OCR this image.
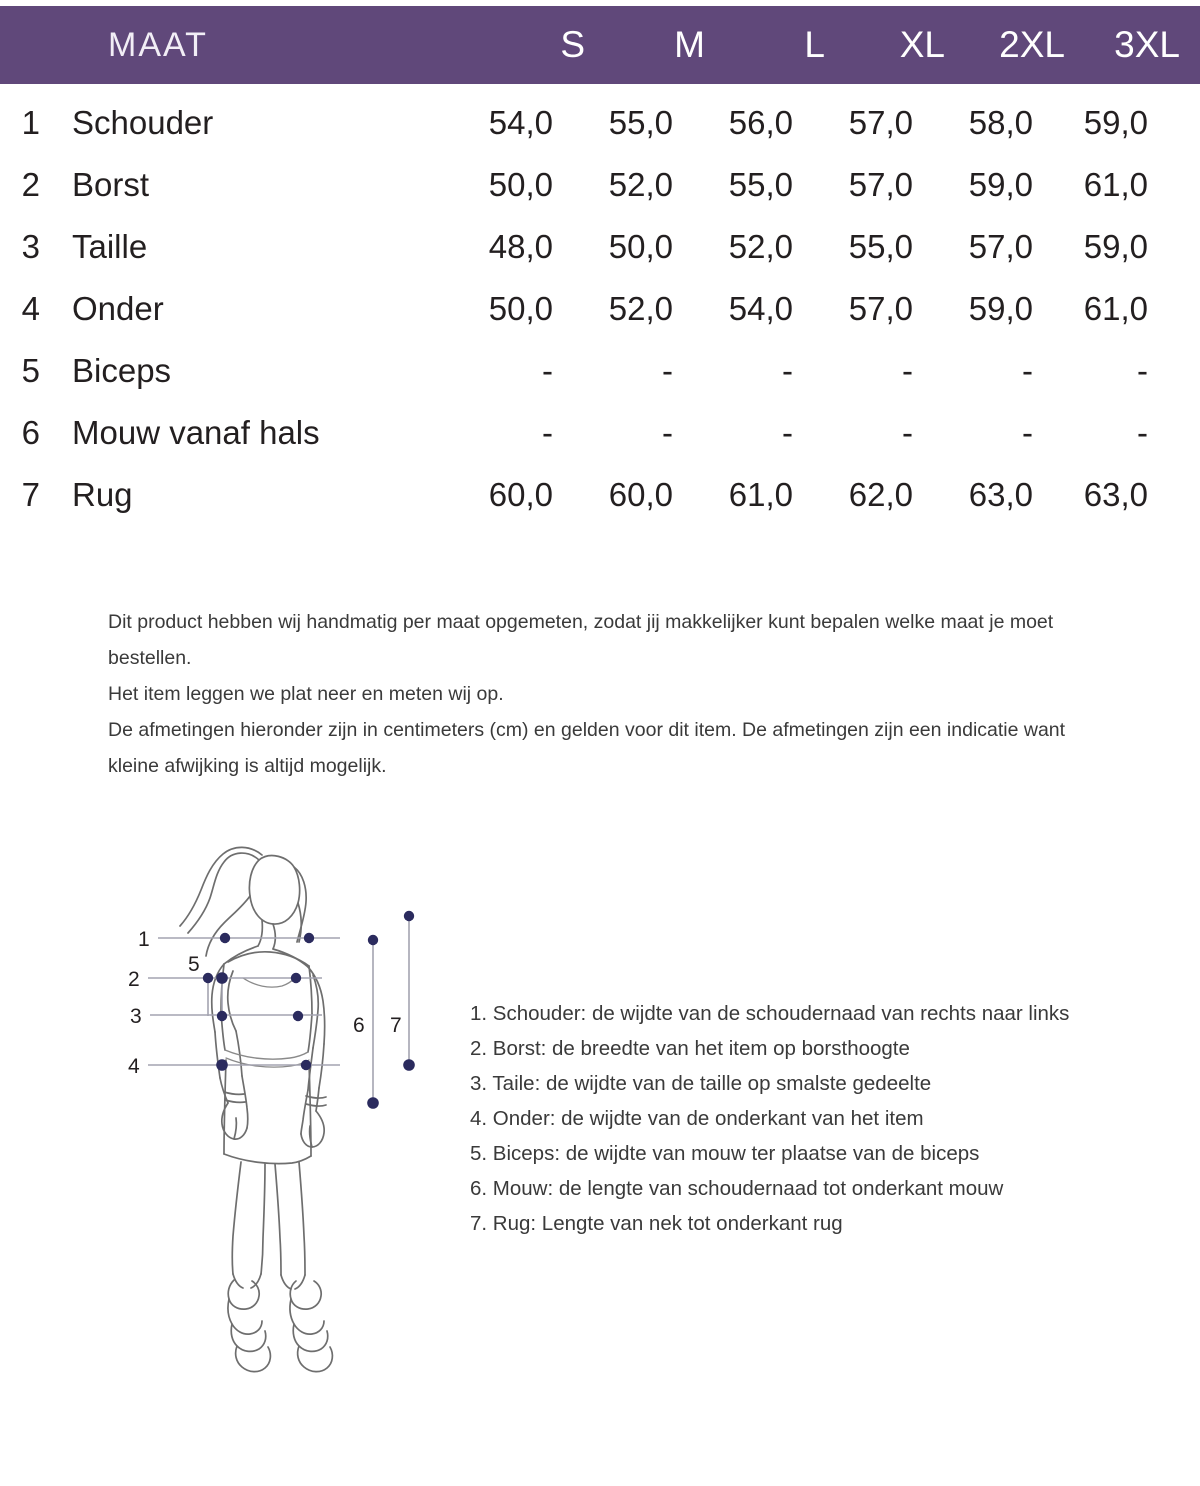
MAAT	S	M	L	XL	2XL	3XL
1 Schouder	54,0	55,0	56,0	57,0	58,0	59,0
2 Borst	50,0	52,0	55,0	57,0	59,0	61,0
3 Taille	48,0	50,0	52,0	55,0	57,0	59,0
4 Onder	50,0	52,0	54,0	57,0	59,0	61,0
5 Biceps	-	-	-	-	-	-
6 Mouw vanaf hals	-	-	-	-	-	-
7 Rug	60,0	60,0	61,0	62,0	63,0	63,0

Dit product hebben wij handmatig per maat opgemeten, zodat jij makkelijker kunt bepalen welke maat je moet bestellen.

Het item leggen we plat neer en meten wij op.

De afmetingen hieronder zijn in centimeters (cm) en gelden voor dit item. De afmetingen zijn een indicatie want kleine afwijking is altijd mogelijk.

1
2
3
4
5
6 7
1. Schouder: de wijdte van de schoudernaad van rechts naar links
2. Borst: de breedte van het item op borsthoogte
3. Taile: de wijdte van de taille op smalste gedeelte
4. Onder: de wijdte van de onderkant van het item
5. Biceps: de wijdte van mouw ter plaatse van de biceps
6. Mouw: de lengte van schoudernaad tot onderkant mouw
7. Rug: Lengte van nek tot onderkant rug
